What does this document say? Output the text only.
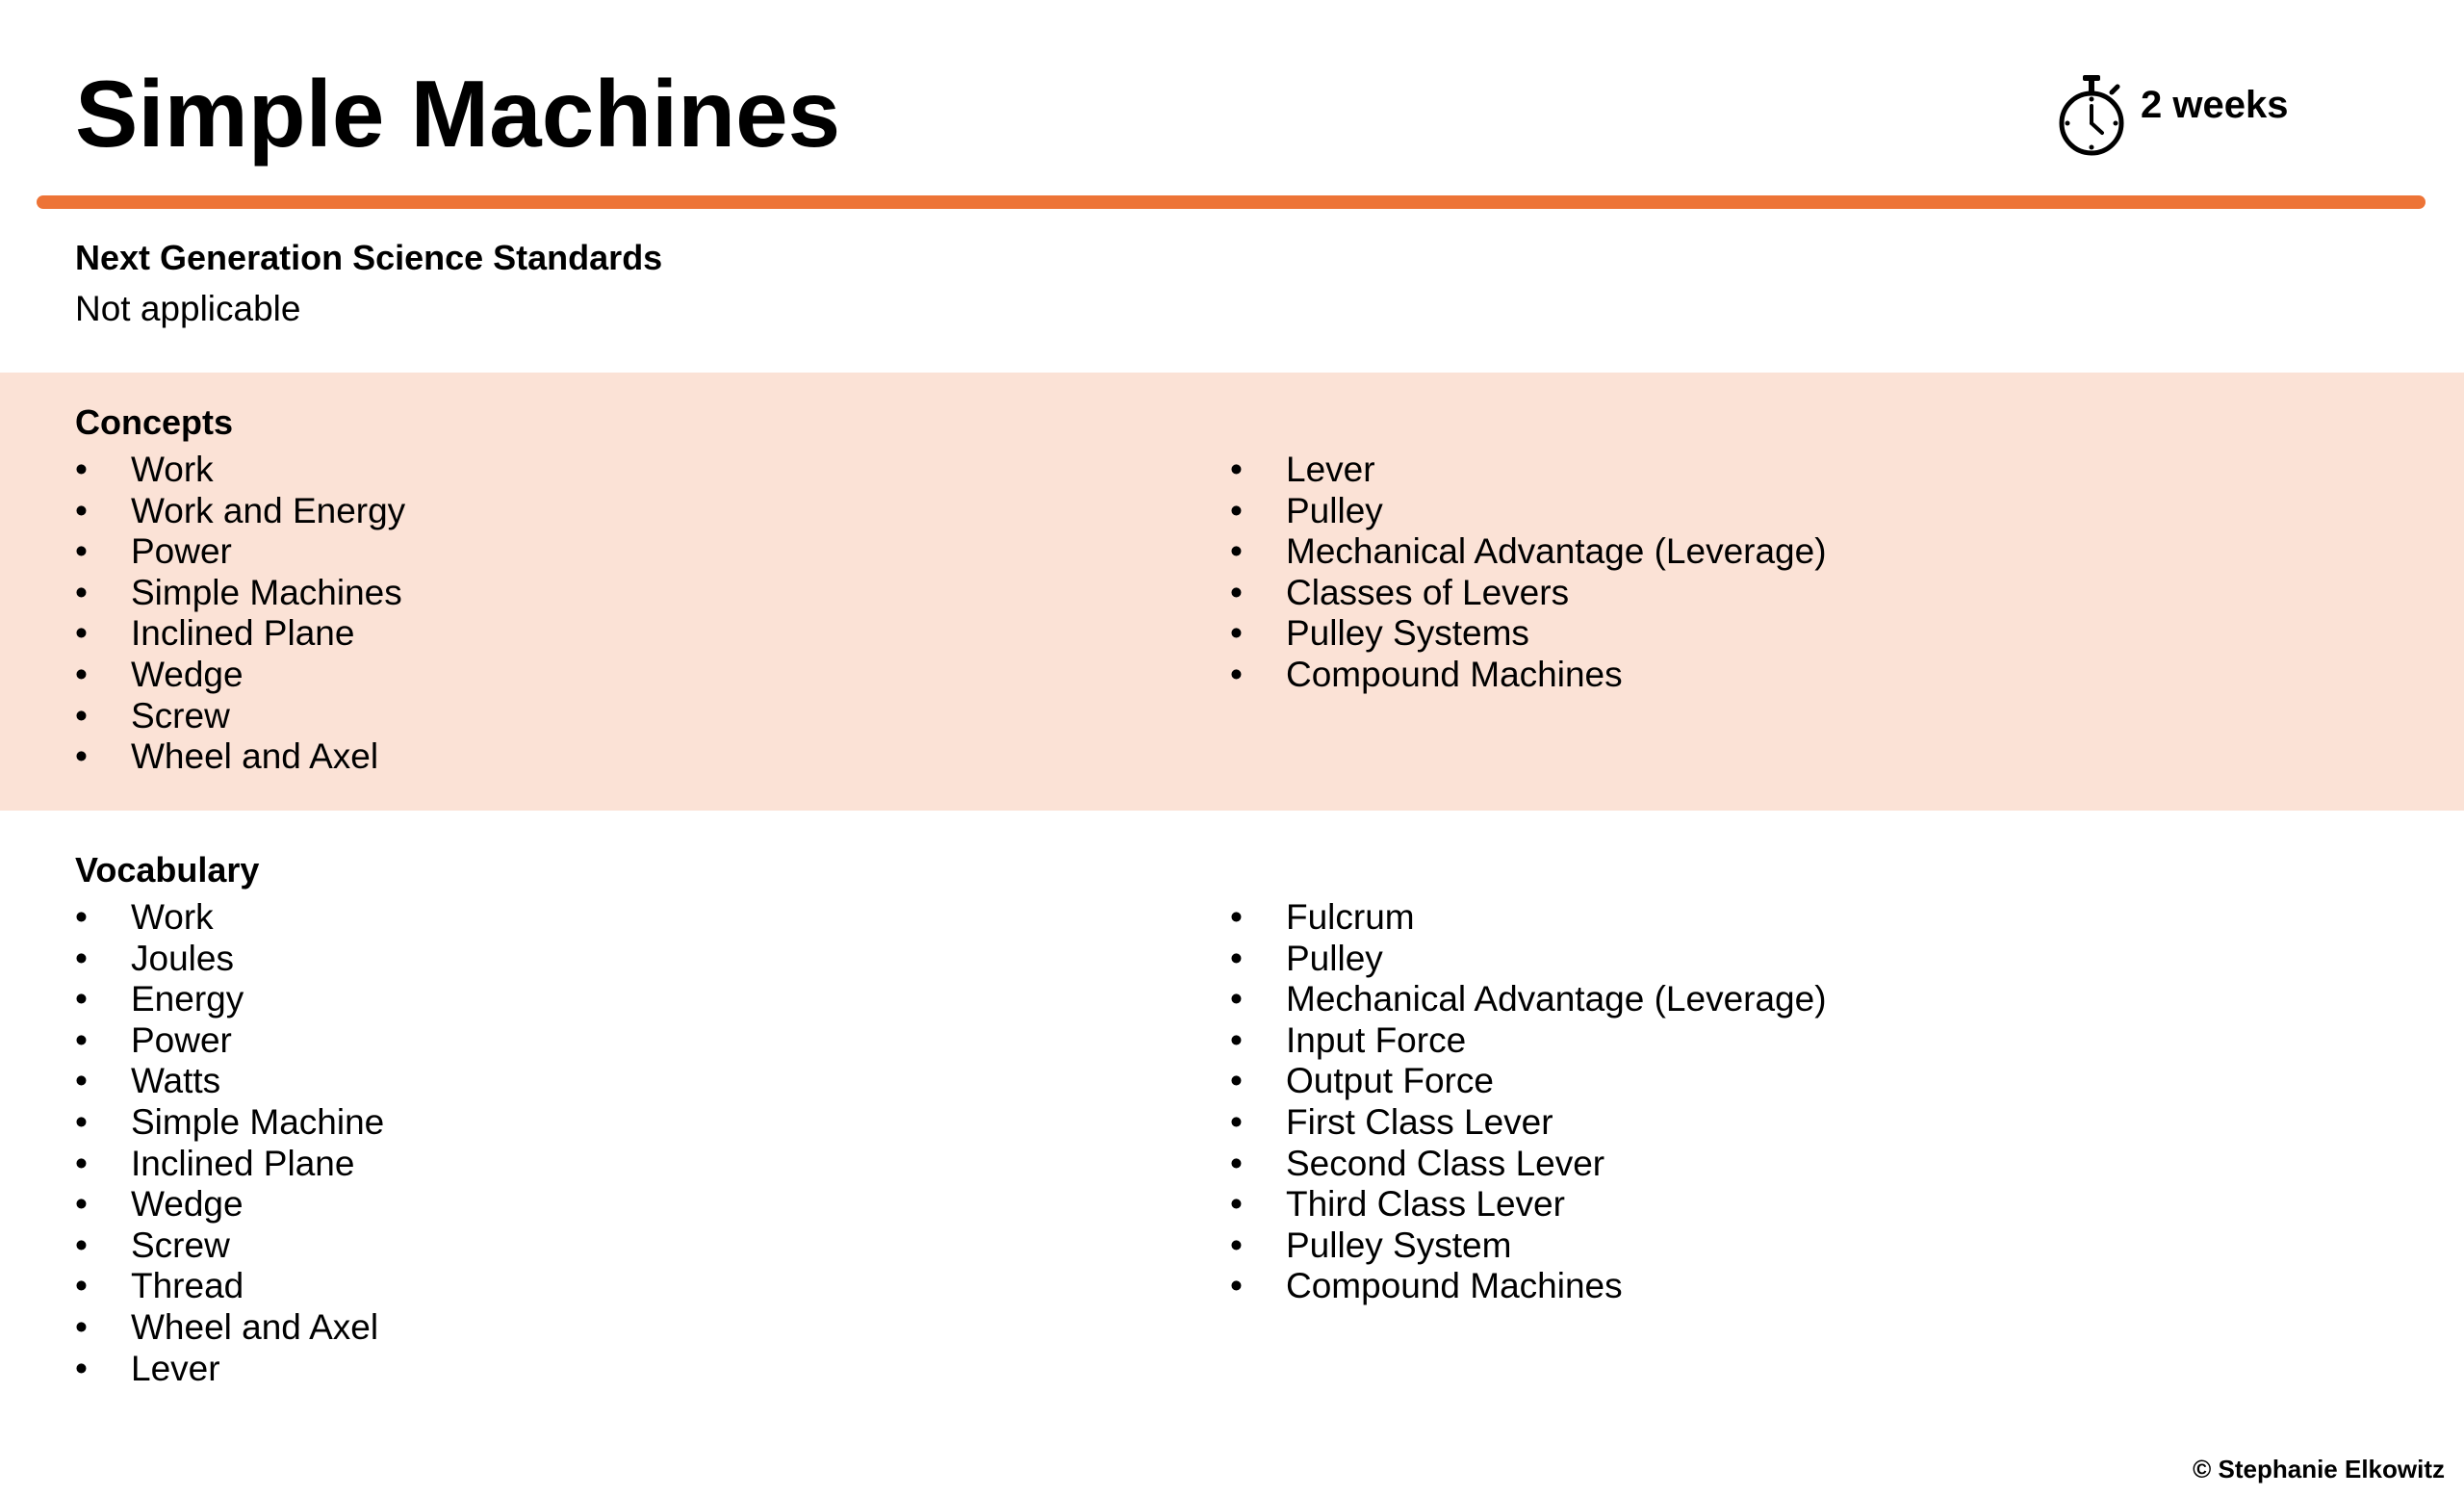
Simple Machines	2 weeks
Next Generation Science Standards
Not applicable
Concepts
• Work
• Work and Energy
• Power
• Simple Machines
• Inclined Plane
• Wedge
• Screw
• Wheel and Axel
• Lever
• Pulley
• Mechanical Advantage (Leverage)
• Classes of Levers
• Pulley Systems
• Compound Machines
Vocabulary
• Work
• Joules
• Energy
• Power
• Watts
• Simple Machine
• Inclined Plane
• Wedge
• Screw
• Thread
• Wheel and Axel
• Lever
• Fulcrum
• Pulley
• Mechanical Advantage (Leverage)
• Input Force
• Output Force
• First Class Lever
• Second Class Lever
• Third Class Lever
• Pulley System
• Compound Machines
© Stephanie Elkowitz
